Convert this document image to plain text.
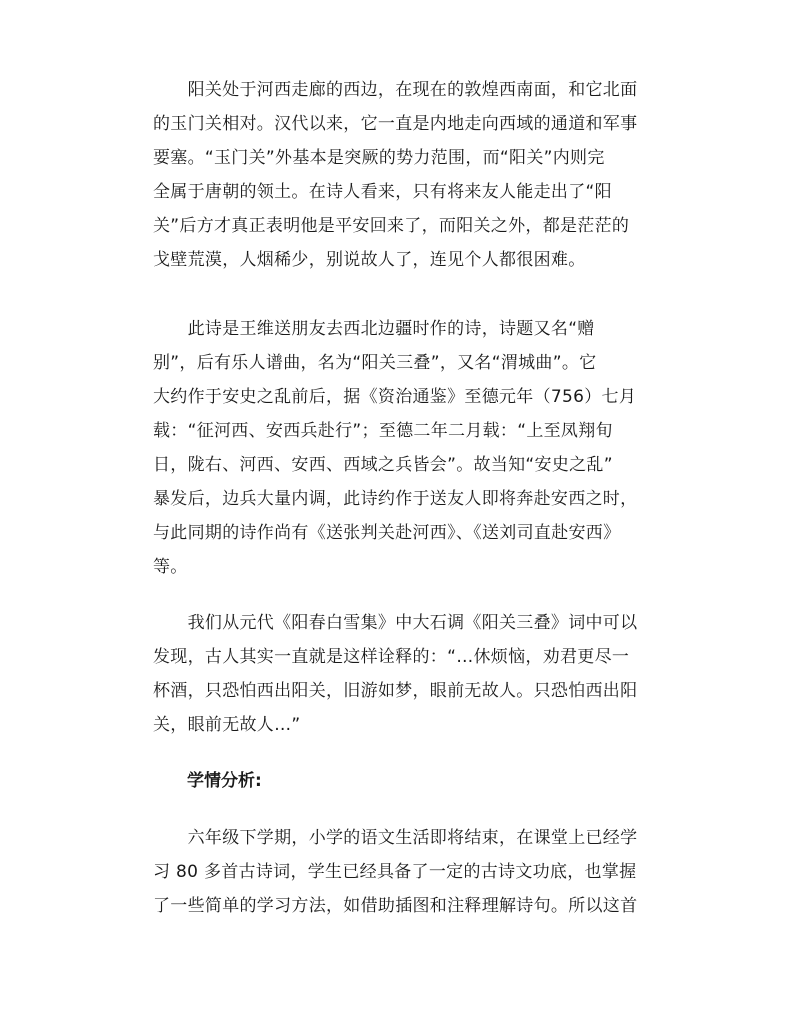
　　阳关处于河西走廊的西边，在现在的敦煌西南面，和它北面
的玉门关相对。汉代以来，它一直是内地走向西域的通道和军事
要塞。“玉门关”外基本是突厥的势力范围，而“阳关”内则完
全属于唐朝的领土。在诗人看来，只有将来友人能走出了“阳
关”后方才真正表明他是平安回来了，而阳关之外，都是茫茫的
戈壁荒漠，人烟稀少，别说故人了，连见个人都很困难。
　　此诗是王维送朋友去西北边疆时作的诗，诗题又名“赠
别”，后有乐人谱曲，名为“阳关三叠”，又名“渭城曲”。它
大约作于安史之乱前后，据《资治通鉴》至德元年（756）七月
载：“征河西、安西兵赴行”；至德二年二月载：“上至凤翔旬
日，陇右、河西、安西、西域之兵皆会”。故当知“安史之乱”
暴发后，边兵大量内调，此诗约作于送友人即将奔赴安西之时，
与此同期的诗作尚有《送张判关赴河西》、《送刘司直赴安西》
等。
　　我们从元代《阳春白雪集》中大石调《阳关三叠》词中可以
发现，古人其实一直就是这样诠释的：“…休烦恼，劝君更尽一
杯酒，只恐怕西出阳关，旧游如梦，眼前无故人。只恐怕西出阳
关，眼前无故人…”
　　学情分析:
　　六年级下学期，小学的语文生活即将结束，在课堂上已经学
习 80 多首古诗词，学生已经具备了一定的古诗文功底，也掌握
了一些简单的学习方法，如借助插图和注释理解诗句。所以这首
